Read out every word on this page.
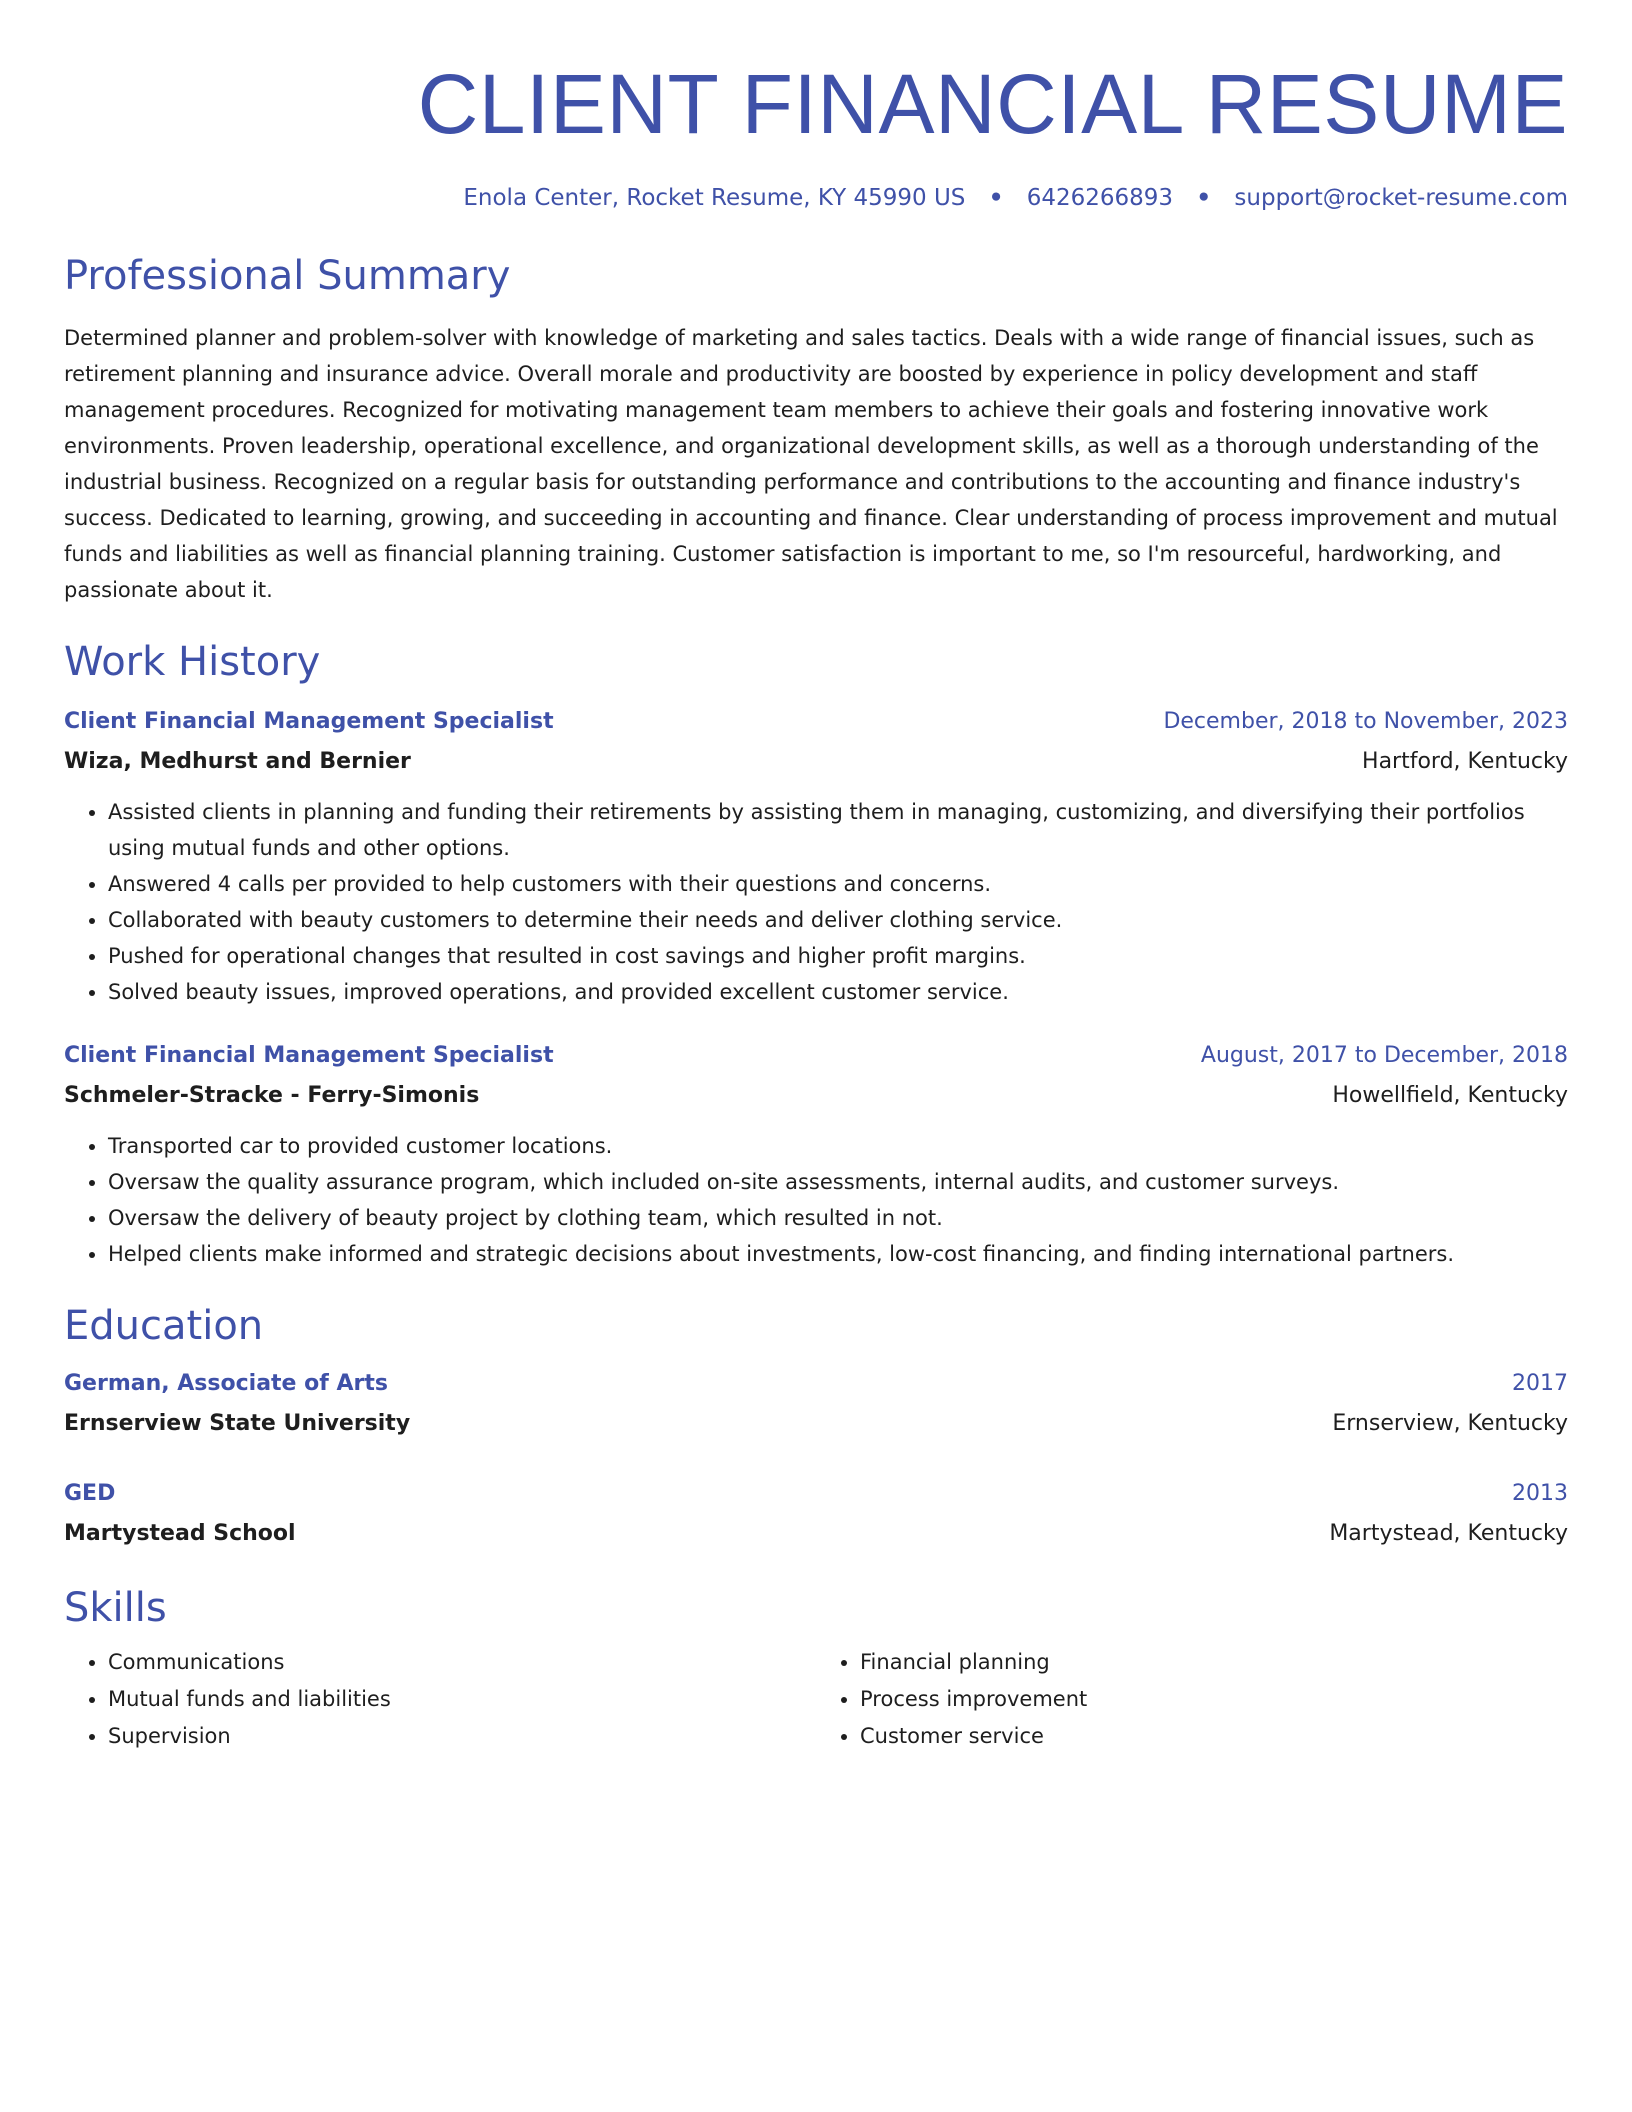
CLIENT FINANCIAL RESUME
Enola Center, Rocket Resume, KY 45990 US • 6426266893 • support@rocket-resume.com
Professional Summary

Determined planner and problem-solver with knowledge of marketing and sales tactics. Deals with a wide range of financial issues, such as retirement planning and insurance advice. Overall morale and productivity are boosted by experience in policy development and staff management procedures. Recognized for motivating management team members to achieve their goals and fostering innovative work environments. Proven leadership, operational excellence, and organizational development skills, as well as a thorough understanding of the industrial business. Recognized on a regular basis for outstanding performance and contributions to the accounting and finance industry's success. Dedicated to learning, growing, and succeeding in accounting and finance. Clear understanding of process improvement and mutual funds and liabilities as well as financial planning training. Customer satisfaction is important to me, so I'm resourceful, hardworking, and passionate about it.

Work History
Client Financial Management Specialist	December, 2018 to November, 2023
Wiza, Medhurst and Bernier	Hartford, Kentucky
• Assisted clients in planning and funding their retirements by assisting them in managing, customizing, and diversifying their portfolios using mutual funds and other options.
• Answered 4 calls per provided to help customers with their questions and concerns.
• Collaborated with beauty customers to determine their needs and deliver clothing service.
• Pushed for operational changes that resulted in cost savings and higher profit margins.
• Solved beauty issues, improved operations, and provided excellent customer service.
Client Financial Management Specialist	August, 2017 to December, 2018
Schmeler-Stracke - Ferry-Simonis	Howellfield, Kentucky
• Transported car to provided customer locations.
• Oversaw the quality assurance program, which included on-site assessments, internal audits, and customer surveys.
• Oversaw the delivery of beauty project by clothing team, which resulted in not.
• Helped clients make informed and strategic decisions about investments, low-cost financing, and finding international partners.
Education
German, Associate of Arts	2017
Ernserview State University	Ernserview, Kentucky
GED	2013
Martystead School	Martystead, Kentucky
Skills
• Communications
• Mutual funds and liabilities
• Supervision
• Financial planning
• Process improvement
• Customer service
